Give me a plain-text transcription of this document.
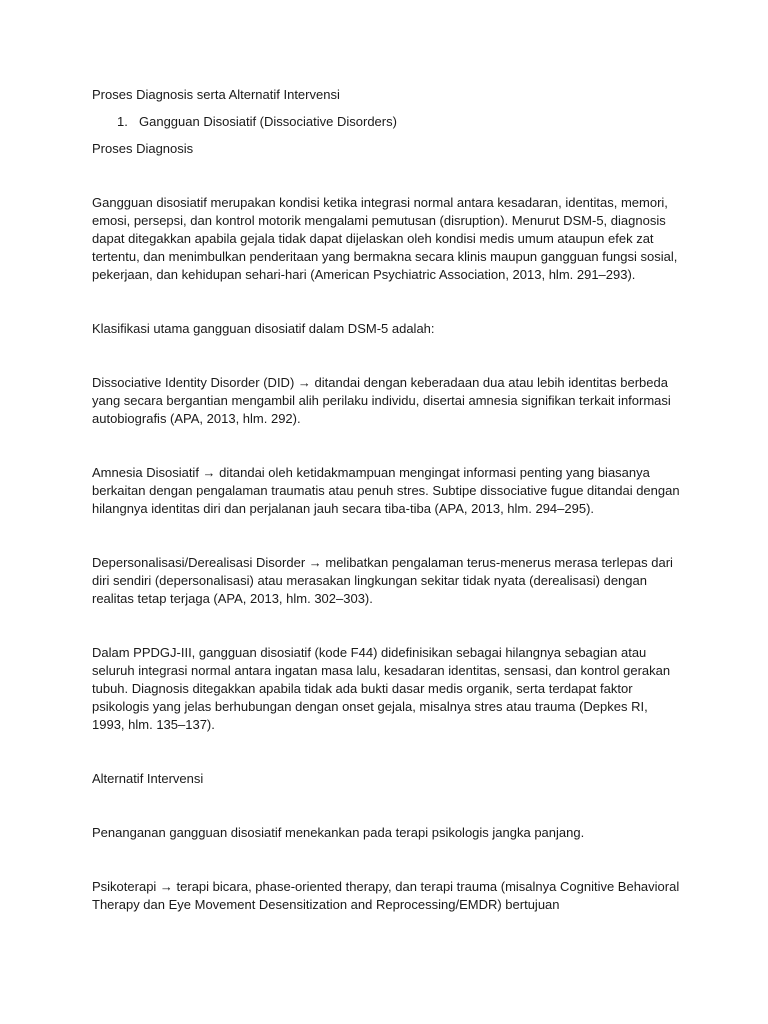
Proses Diagnosis serta Alternatif Intervensi

1. Gangguan Disosiatif (Dissociative Disorders)

Proses Diagnosis

Gangguan disosiatif merupakan kondisi ketika integrasi normal antara kesadaran, identitas, memori, emosi, persepsi, dan kontrol motorik mengalami pemutusan (disruption). Menurut DSM-5, diagnosis dapat ditegakkan apabila gejala tidak dapat dijelaskan oleh kondisi medis umum ataupun efek zat tertentu, dan menimbulkan penderitaan yang bermakna secara klinis maupun gangguan fungsi sosial, pekerjaan, dan kehidupan sehari-hari (American Psychiatric Association, 2013, hlm. 291–293).

Klasifikasi utama gangguan disosiatif dalam DSM-5 adalah:

Dissociative Identity Disorder (DID) → ditandai dengan keberadaan dua atau lebih identitas berbeda yang secara bergantian mengambil alih perilaku individu, disertai amnesia signifikan terkait informasi autobiografis (APA, 2013, hlm. 292).

Amnesia Disosiatif → ditandai oleh ketidakmampuan mengingat informasi penting yang biasanya berkaitan dengan pengalaman traumatis atau penuh stres. Subtipe dissociative fugue ditandai dengan hilangnya identitas diri dan perjalanan jauh secara tiba-tiba (APA, 2013, hlm. 294–295).

Depersonalisasi/Derealisasi Disorder → melibatkan pengalaman terus-menerus merasa terlepas dari diri sendiri (depersonalisasi) atau merasakan lingkungan sekitar tidak nyata (derealisasi) dengan realitas tetap terjaga (APA, 2013, hlm. 302–303).

Dalam PPDGJ-III, gangguan disosiatif (kode F44) didefinisikan sebagai hilangnya sebagian atau seluruh integrasi normal antara ingatan masa lalu, kesadaran identitas, sensasi, dan kontrol gerakan tubuh. Diagnosis ditegakkan apabila tidak ada bukti dasar medis organik, serta terdapat faktor psikologis yang jelas berhubungan dengan onset gejala, misalnya stres atau trauma (Depkes RI, 1993, hlm. 135–137).

Alternatif Intervensi

Penanganan gangguan disosiatif menekankan pada terapi psikologis jangka panjang.

Psikoterapi → terapi bicara, phase-oriented therapy, dan terapi trauma (misalnya Cognitive Behavioral Therapy dan Eye Movement Desensitization and Reprocessing/EMDR) bertujuan
